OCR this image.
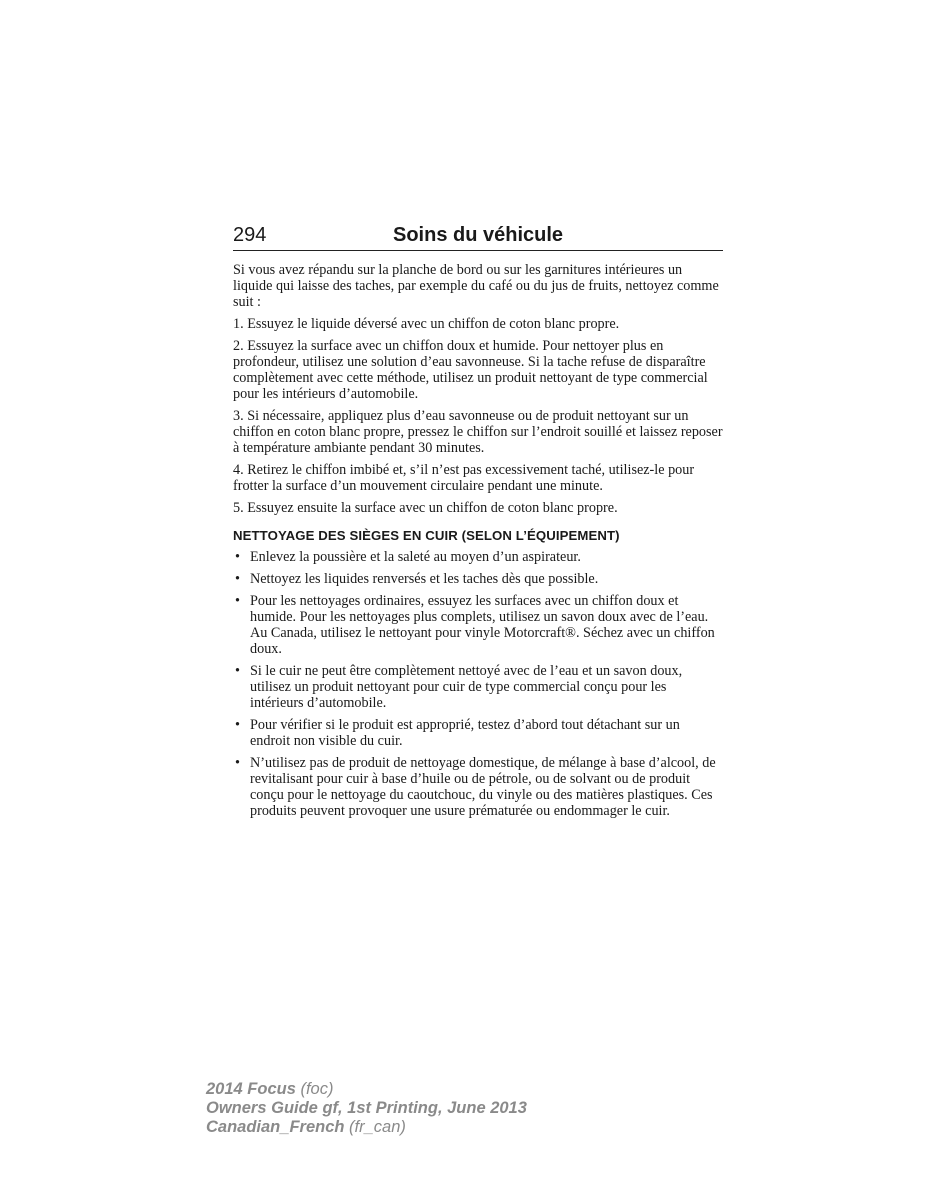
294	Soins du véhicule

Si vous avez répandu sur la planche de bord ou sur les garnitures intérieures un liquide qui laisse des taches, par exemple du café ou du jus de fruits, nettoyez comme suit :

1. Essuyez le liquide déversé avec un chiffon de coton blanc propre.

2. Essuyez la surface avec un chiffon doux et humide. Pour nettoyer plus en profondeur, utilisez une solution d’eau savonneuse. Si la tache refuse de disparaître complètement avec cette méthode, utilisez un produit nettoyant de type commercial pour les intérieurs d’automobile.

3. Si nécessaire, appliquez plus d’eau savonneuse ou de produit nettoyant sur un chiffon en coton blanc propre, pressez le chiffon sur l’endroit souillé et laissez reposer à température ambiante pendant 30 minutes.

4. Retirez le chiffon imbibé et, s’il n’est pas excessivement taché, utilisez-le pour frotter la surface d’un mouvement circulaire pendant une minute.

5. Essuyez ensuite la surface avec un chiffon de coton blanc propre.

NETTOYAGE DES SIÈGES EN CUIR (SELON L’ÉQUIPEMENT)
• Enlevez la poussière et la saleté au moyen d’un aspirateur.
• Nettoyez les liquides renversés et les taches dès que possible.
• Pour les nettoyages ordinaires, essuyez les surfaces avec un chiffon doux et humide. Pour les nettoyages plus complets, utilisez un savon doux avec de l’eau. Au Canada, utilisez le nettoyant pour vinyle Motorcraft®. Séchez avec un chiffon doux.
• Si le cuir ne peut être complètement nettoyé avec de l’eau et un savon doux, utilisez un produit nettoyant pour cuir de type commercial conçu pour les intérieurs d’automobile.
• Pour vérifier si le produit est approprié, testez d’abord tout détachant sur un endroit non visible du cuir.
• N’utilisez pas de produit de nettoyage domestique, de mélange à base d’alcool, de revitalisant pour cuir à base d’huile ou de pétrole, ou de solvant ou de produit conçu pour le nettoyage du caoutchouc, du vinyle ou des matières plastiques. Ces produits peuvent provoquer une usure prématurée ou endommager le cuir.
2014 Focus (foc)
Owners Guide gf, 1st Printing, June 2013
Canadian_French (fr_can)
